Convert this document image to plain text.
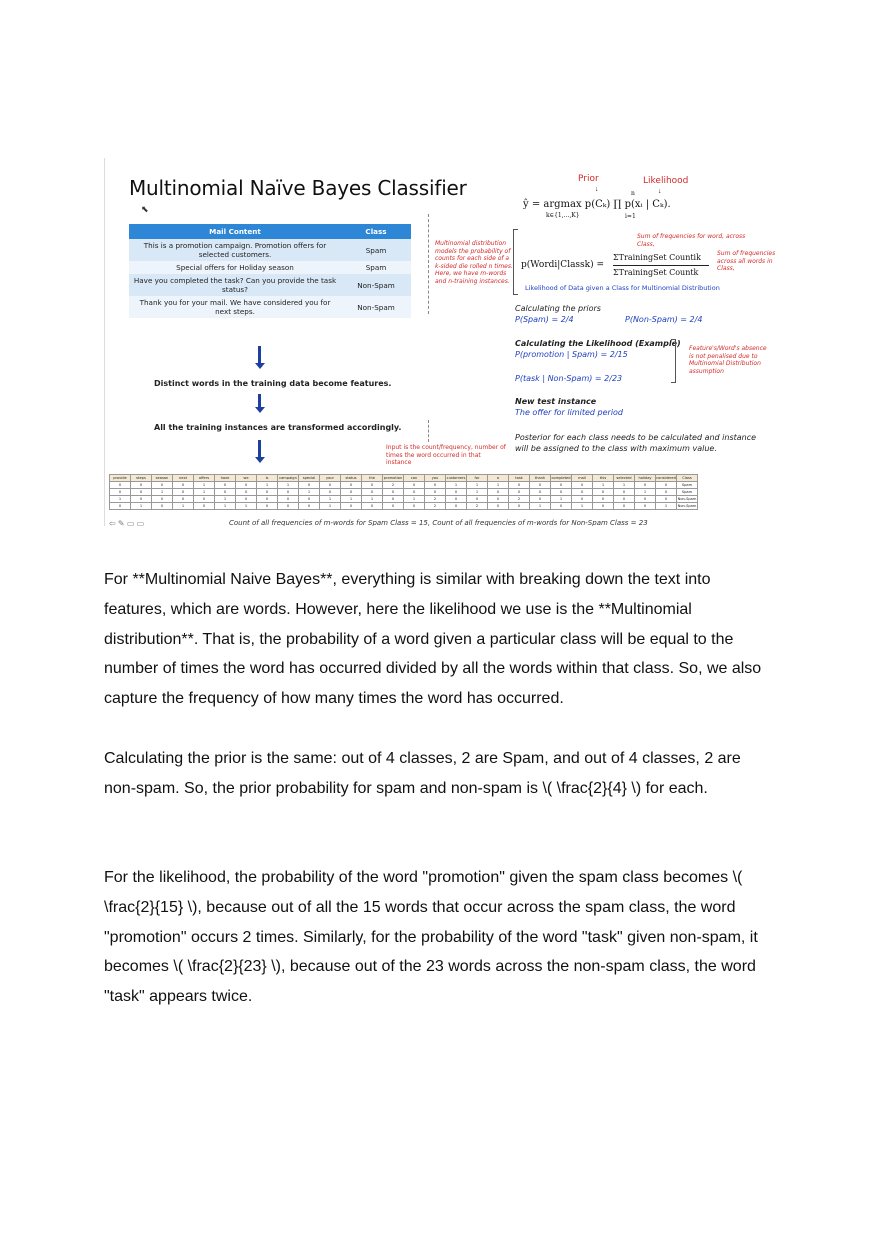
Multinomial Naïve Bayes Classifier
⬉
Mail Content	Class
This is a promotion campaign. Promotion offers for selected customers.	Spam
Special offers for Holiday season	Spam
Have you completed the task? Can you provide the task status?	Non-Spam
Thank you for your mail. We have considered you for next steps.	Non-Spam
Distinct words in the training data become features.
All the training instances are transformed accordingly.
Multinomial distribution models the probability of counts for each side of a k-sided die rolled n times. Here, we have m-words and n-training instances.
Prior	Likelihood
↓	↓
n
ŷ = argmax p(Cₖ) ∏ p(xᵢ | Cₖ).
k∈{1,...,K}	i=1
Sum of frequencies for word, across Class,
Sum of frequencies across all words in Class,
p(Wordi|Classk) =
ΣTrainingSet Countik
ΣTrainingSet Countk
Likelihood of Data given a Class for Multinomial Distribution
Calculating the priors
P(Spam) = 2/4	P(Non-Spam) = 2/4
Calculating the Likelihood (Example)
P(promotion | Spam) = 2/15
P(task | Non-Spam) = 2/23
Feature's/Word's absence is not penalised due to Multinomial Distribution assumption
New test instance
The offer for limited period
Posterior for each class needs to be calculated and instance will be assigned to the class with maximum value.
Input is the count/frequency, number of times the word occurred in that instance
provide	steps	season	next	offers	have	we	is	campaign	special	your	status	the	promotion	can	you	customers	for	a	task	thank	completed	mail	this	selected	holiday	considered	Class
0	0	0	0	1	0	0	1	1	0	0	0	0	2	0	0	1	1	1	0	0	0	0	1	1	0	0	Spam
0	0	1	0	1	0	0	0	0	1	0	0	0	0	0	0	0	1	0	0	0	0	0	0	0	1	0	Spam
1	0	0	0	0	1	0	0	0	0	1	1	1	0	1	2	0	0	0	2	0	1	0	0	0	0	0	Non-Spam
0	1	0	1	0	1	1	0	0	0	1	0	0	0	0	2	0	2	0	0	1	0	1	0	0	0	1	Non-Spam
⇦ ✎ ▭ ▭	Count of all frequencies of m-words for Spam Class = 15, Count of all frequencies of m-words for Non-Spam Class = 23

For **Multinomial Naive Bayes**, everything is similar with breaking down the text into features, which are words. However, here the likelihood we use is the **Multinomial distribution**. That is, the probability of a word given a particular class will be equal to the number of times the word has occurred divided by all the words within that class. So, we also capture the frequency of how many times the word has occurred.

Calculating the prior is the same: out of 4 classes, 2 are Spam, and out of 4 classes, 2 are non-spam. So, the prior probability for spam and non-spam is \( \frac{2}{4} \) for each.

For the likelihood, the probability of the word "promotion" given the spam class becomes \( \frac{2}{15} \), because out of all the 15 words that occur across the spam class, the word "promotion" occurs 2 times. Similarly, for the probability of the word "task" given non-spam, it becomes \( \frac{2}{23} \), because out of the 23 words across the non-spam class, the word "task" appears twice.
